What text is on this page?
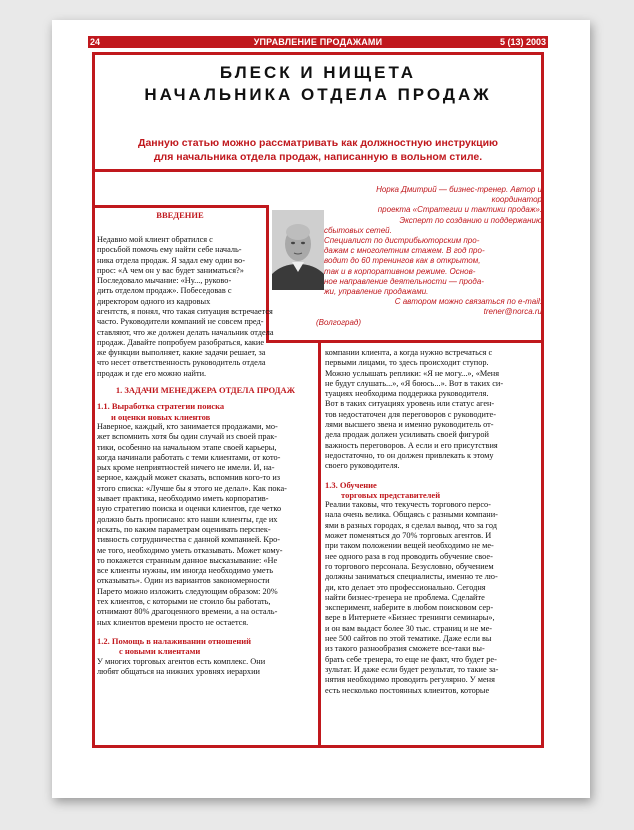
24	УПРАВЛЕНИЕ ПРОДАЖАМИ	5 (13) 2003
БЛЕСК И НИЩЕТА
НАЧАЛЬНИКА ОТДЕЛА ПРОДАЖ
Данную статью можно рассматривать как должностную инструкцию
для начальника отдела продаж, написанную в вольном стиле.

Норка Дмитрий — бизнес-тренер. Автор и координатор

проекта «Стратегии и тактики продаж».

Эксперт по созданию и поддержанию

сбытовых сетей.

Специалист по дистрибьюторским про-

дажам с многолетним стажем. В год про-

водит до 60 тренингов как в открытом,

так и в корпоративном режиме. Основ-

ное направление деятельности — прода-

жи, управление продажами.

С автором можно связаться по e-mail:

trener@norca.ru

(Волгоград)

ВВЕДЕНИЕ

Недавно мой клиент обратился с

просьбой помочь ему найти себе началь-

ника отдела продаж. Я задал ему один во-

прос: «А чем он у вас будет заниматься?»

Последовало мычание: «Ну..., руково-

дить отделом продаж». Побеседовав с

директором одного из кадровых

агентств, я понял, что такая ситуация встречается

часто. Руководители компаний не совсем пред-

ставляют, что же должен делать начальник отдела

продаж. Давайте попробуем разобраться, какие

же функции выполняет, какие задачи решает, за

что несет ответственность руководитель отдела

продаж и где его можно найти.

1. ЗАДАЧИ МЕНЕДЖЕРА ОТДЕЛА ПРОДАЖ

1.1. Выработка стратегии поиска

и оценки новых клиентов

Наверное, каждый, кто занимается продажами, мо-

жет вспомнить хотя бы один случай из своей прак-

тики, особенно на начальном этапе своей карьеры,

когда начинали работать с теми клиентами, от кото-

рых кроме неприятностей ничего не имели. И, на-

верное, каждый может сказать, вспомнив кого-то из

этого списка: «Лучше бы я этого не делал». Как пока-

зывает практика, необходимо иметь корпоратив-

ную стратегию поиска и оценки клиентов, где четко

должно быть прописано: кто наши клиенты, где их

искать, по каким параметрам оценивать перспек-

тивность сотрудничества с данной компанией. Кро-

ме того, необходимо уметь отказывать. Может кому-

то покажется странным данное высказывание: «Не

все клиенты нужны, им иногда необходимо уметь

отказывать». Один из вариантов закономерности

Парето можно изложить следующим образом: 20%

тех клиентов, с которыми не стоило бы работать,

отнимают 80% драгоценного времени, а на осталь-

ных клиентов времени просто не остается.

1.2. Помощь в налаживании отношений

с новыми клиентами

У многих торговых агентов есть комплекс. Они

любят общаться на нижних уровнях иерархии

компании клиента, а когда нужно встречаться с

первыми лицами, то здесь происходит ступор.

Можно услышать реплики: «Я не могу...», «Меня

не будут слушать...», «Я боюсь...». Вот в таких си-

туациях необходима поддержка руководителя.

Вот в таких ситуациях уровень или статус аген-

тов недостаточен для переговоров с руководите-

лями высшего звена и именно руководитель от-

дела продаж должен усиливать своей фигурой

важность переговоров. А если и его присутствия

недостаточно, то он должен привлекать к этому

своего руководителя.

1.3. Обучение

торговых представителей

Реалии таковы, что текучесть торгового персо-

нала очень велика. Общаясь с разными компани-

ями в разных городах, я сделал вывод, что за год

может поменяться до 70% торговых агентов. И

при таком положении вещей необходимо не ме-

нее одного раза в год проводить обучение свое-

го торгового персонала. Безусловно, обучением

должны заниматься специалисты, именно те лю-

ди, кто делает это профессионально. Сегодня

найти бизнес-тренера не проблема. Сделайте

эксперимент, наберите в любом поисковом сер-

вере в Интернете «Бизнес тренинги семинары»,

и он вам выдаст более 30 тыс. страниц и не ме-

нее 500 сайтов по этой тематике. Даже если вы

из такого разнообразия сможете все-таки вы-

брать себе тренера, то еще не факт, что будет ре-

зультат. И даже если будет результат, то такие за-

нятия необходимо проводить регулярно. У меня

есть несколько постоянных клиентов, которые
